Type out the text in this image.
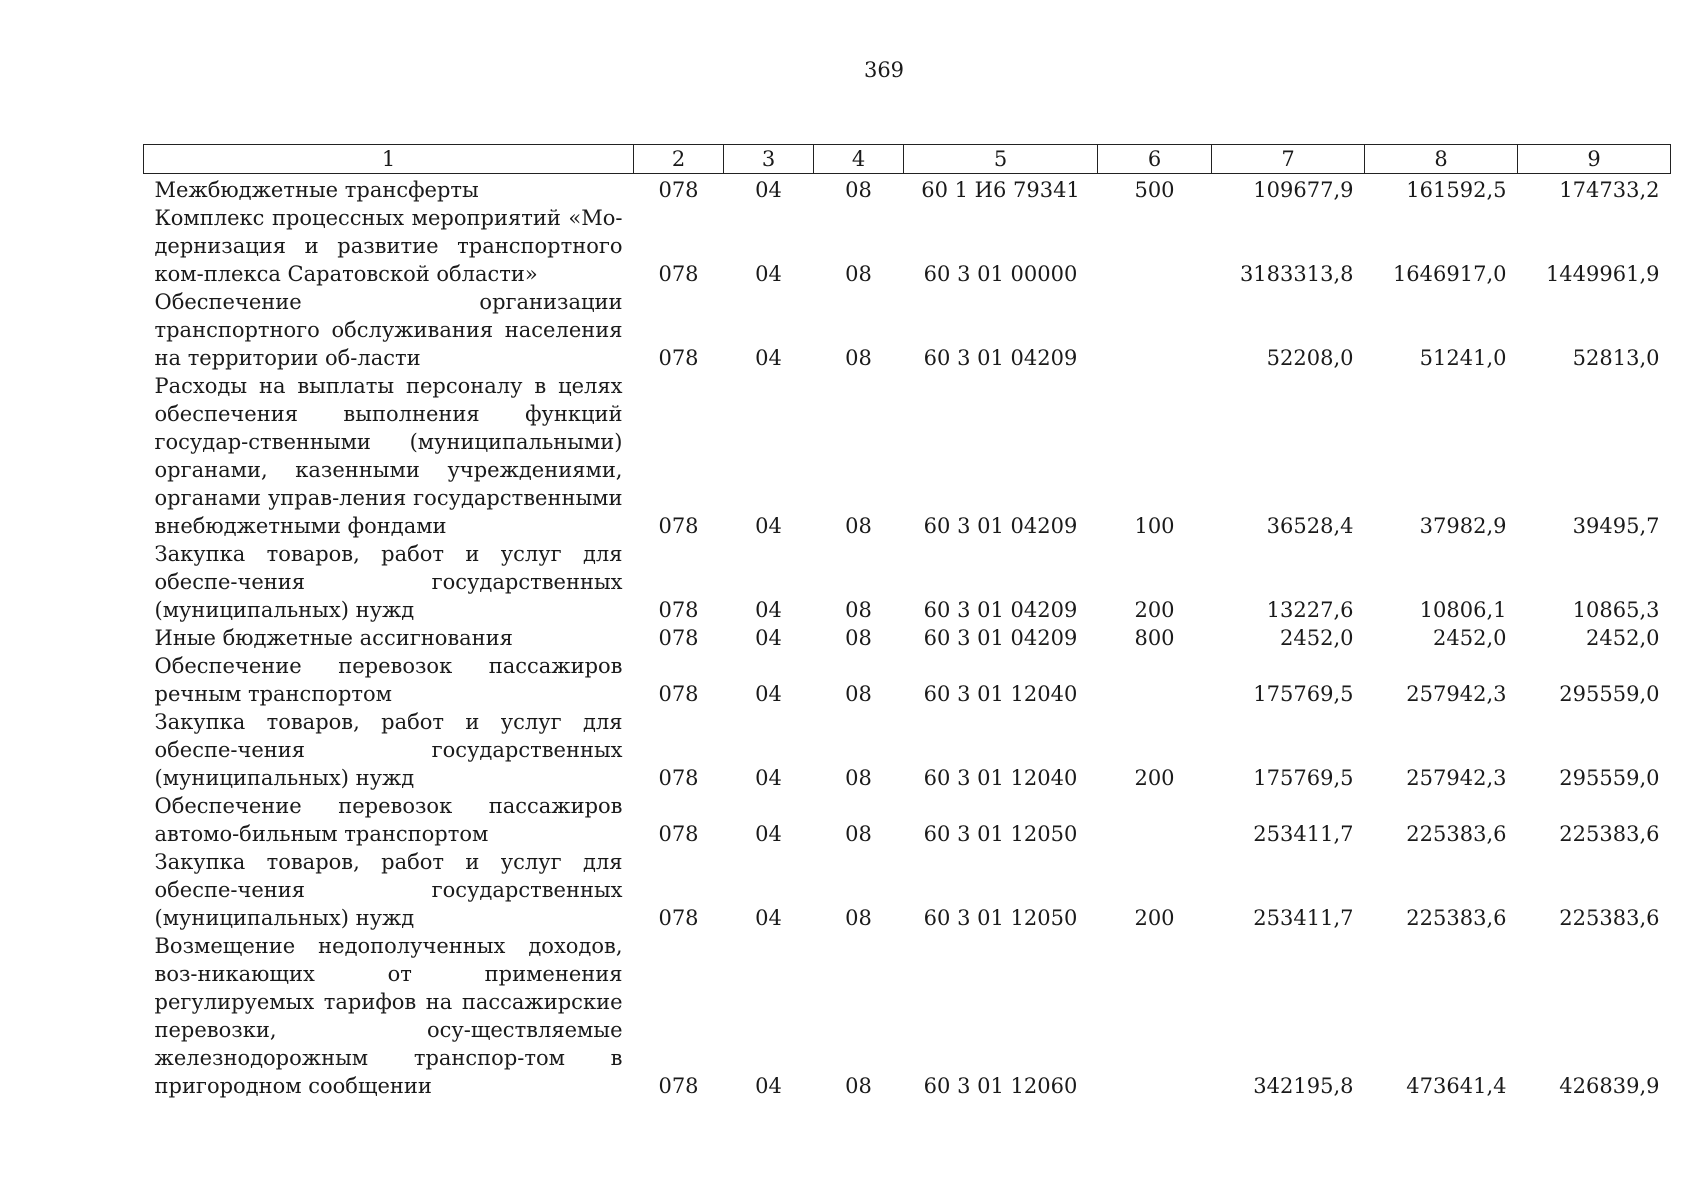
369
1	2	3	4	5	6	7	8	9
Межбюджетные трансферты	078	04	08	60 1 И6 79341	500	109677,9	161592,5	174733,2
Комплекс процессных мероприятий «Мо-дернизация и развитие транспортного ком-плекса Саратовской области»	078	04	08	60 3 01 00000		3183313,8	1646917,0	1449961,9
Обеспечение организации транспортного обслуживания населения на территории об-ласти	078	04	08	60 3 01 04209		52208,0	51241,0	52813,0
Расходы на выплаты персоналу в целях обеспечения выполнения функций государ-ственными (муниципальными) органами, казенными учреждениями, органами управ-ления государственными внебюджетными фондами	078	04	08	60 3 01 04209	100	36528,4	37982,9	39495,7
Закупка товаров, работ и услуг для обеспе-чения государственных (муниципальных) нужд	078	04	08	60 3 01 04209	200	13227,6	10806,1	10865,3
Иные бюджетные ассигнования	078	04	08	60 3 01 04209	800	2452,0	2452,0	2452,0
Обеспечение перевозок пассажиров речным транспортом	078	04	08	60 3 01 12040		175769,5	257942,3	295559,0
Закупка товаров, работ и услуг для обеспе-чения государственных (муниципальных) нужд	078	04	08	60 3 01 12040	200	175769,5	257942,3	295559,0
Обеспечение перевозок пассажиров автомо-бильным транспортом	078	04	08	60 3 01 12050		253411,7	225383,6	225383,6
Закупка товаров, работ и услуг для обеспе-чения государственных (муниципальных) нужд	078	04	08	60 3 01 12050	200	253411,7	225383,6	225383,6
Возмещение недополученных доходов, воз-никающих от применения регулируемых тарифов на пассажирские перевозки, осу-ществляемые железнодорожным транспор-том в пригородном сообщении	078	04	08	60 3 01 12060		342195,8	473641,4	426839,9
